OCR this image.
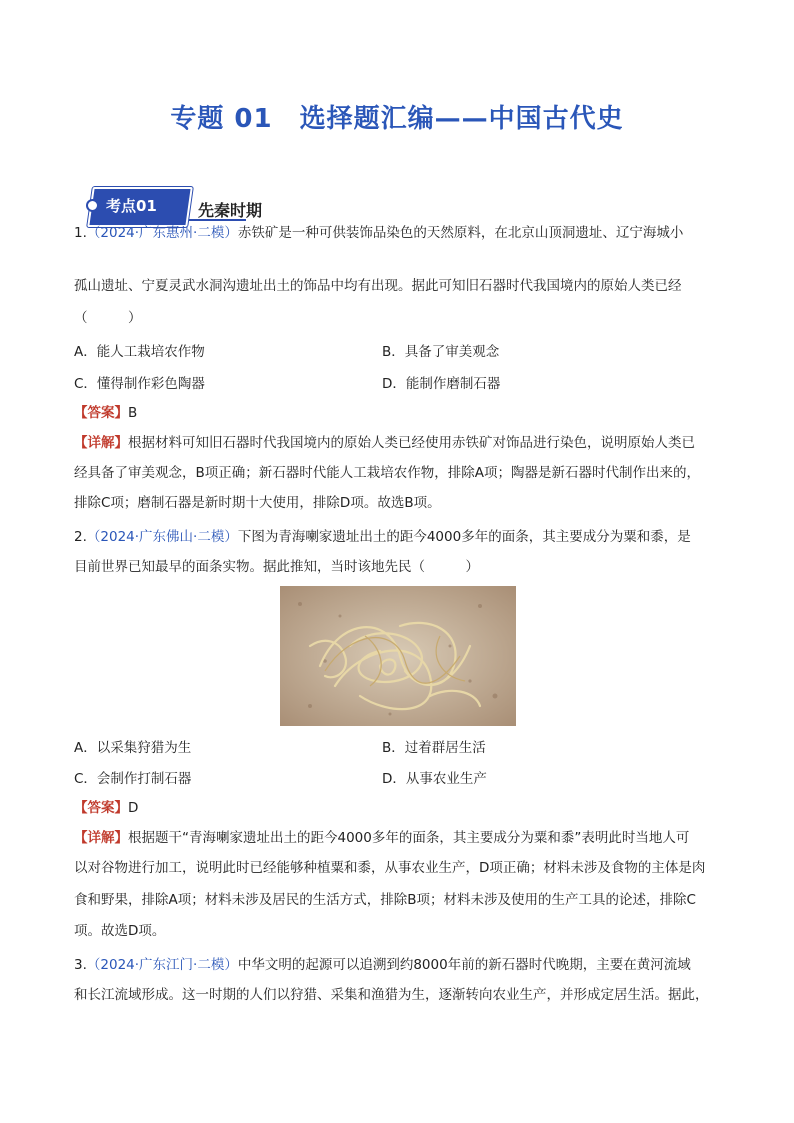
专题 01　选择题汇编——中国古代史
考点01	先秦时期
1.（2024·广东惠州·二模）赤铁矿是一种可供装饰品染色的天然原料，在北京山顶洞遗址、辽宁海城小
孤山遗址、宁夏灵武水洞沟遗址出土的饰品中均有出现。据此可知旧石器时代我国境内的原始人类已经
（　　　）
A．能人工栽培农作物	B．具备了审美观念
C．懂得制作彩色陶器	D．能制作磨制石器
【答案】B
【详解】根据材料可知旧石器时代我国境内的原始人类已经使用赤铁矿对饰品进行染色，说明原始人类已
经具备了审美观念，B项正确；新石器时代能人工栽培农作物，排除A项；陶器是新石器时代制作出来的，
排除C项；磨制石器是新时期十大使用，排除D项。故选B项。
2.（2024·广东佛山·二模）下图为青海喇家遗址出土的距今4000多年的面条，其主要成分为粟和黍，是
目前世界已知最早的面条实物。据此推知，当时该地先民（　　　）
A．以采集狩猎为生	B．过着群居生活
C．会制作打制石器	D．从事农业生产
【答案】D
【详解】根据题干“青海喇家遗址出土的距今4000多年的面条，其主要成分为粟和黍”表明此时当地人可
以对谷物进行加工，说明此时已经能够种植粟和黍，从事农业生产，D项正确；材料未涉及食物的主体是肉
食和野果，排除A项；材料未涉及居民的生活方式，排除B项；材料未涉及使用的生产工具的论述，排除C
项。故选D项。
3.（2024·广东江门·二模）中华文明的起源可以追溯到约8000年前的新石器时代晚期，主要在黄河流域
和长江流域形成。这一时期的人们以狩猎、采集和渔猎为生，逐渐转向农业生产，并形成定居生活。据此，
